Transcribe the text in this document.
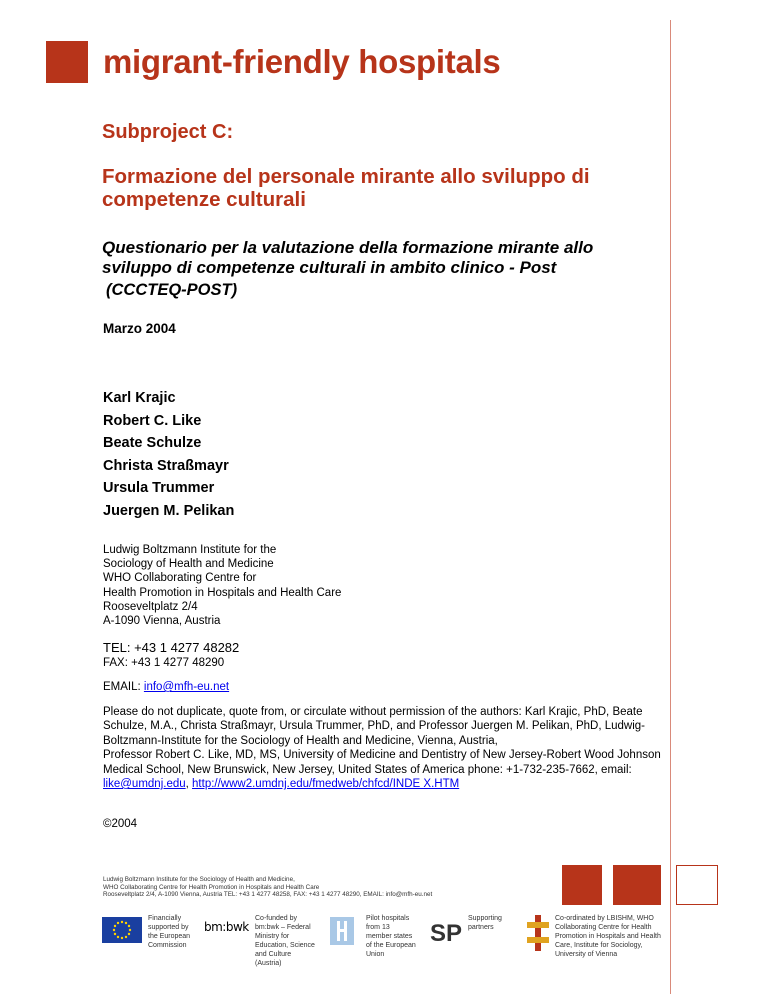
migrant-friendly hospitals
Subproject C:
Formazione del personale mirante allo sviluppo di competenze culturali
Questionario per la valutazione della formazione mirante allo sviluppo di competenze culturali in ambito clinico - Post
(CCCTEQ-POST)
Marzo 2004
Karl Krajic
Robert C. Like
Beate Schulze
Christa Straßmayr
Ursula Trummer
Juergen M. Pelikan
Ludwig Boltzmann Institute for the
Sociology of Health and Medicine
WHO Collaborating Centre for
Health Promotion in Hospitals and Health Care
Rooseveltplatz 2/4
A-1090 Vienna, Austria
TEL: +43 1 4277 48282
FAX: +43 1 4277 48290
EMAIL: info@mfh-eu.net
Please do not duplicate, quote from, or circulate without permission of the authors: Karl Krajic, PhD, Beate Schulze, M.A., Christa Straßmayr, Ursula Trummer, PhD, and Professor Juergen M. Pelikan, PhD, Ludwig-Boltzmann-Institute for the Sociology of Health and Medicine, Vienna, Austria,
Professor Robert C. Like, MD, MS, University of Medicine and Dentistry of New Jersey-Robert Wood Johnson Medical School, New Brunswick, New Jersey, United States of America phone: +1-732-235-7662, email: like@umdnj.edu, http://www2.umdnj.edu/fmedweb/chfcd/INDE X.HTM
©2004
Ludwig Boltzmann Institute for the Sociology of Health and Medicine,
WHO Collaborating Centre for Health Promotion in Hospitals and Health Care
Rooseveltplatz 2/4, A-1090 Vienna, Austria TEL: +43 1 4277 48258, FAX: +43 1 4277 48290, EMAIL: info@mfh-eu.net
Financially supported by the European Commission
bm:bwk
Co-funded by bm:bwk – Federal Ministry for Education, Science and Culture (Austria)
Pilot hospitals from 13 member states of the European Union
SP
Supporting partners
Co-ordinated by LBISHM, WHO Collaborating Centre for Health Promotion in Hospitals and Health Care, Institute for Sociology, University of Vienna
